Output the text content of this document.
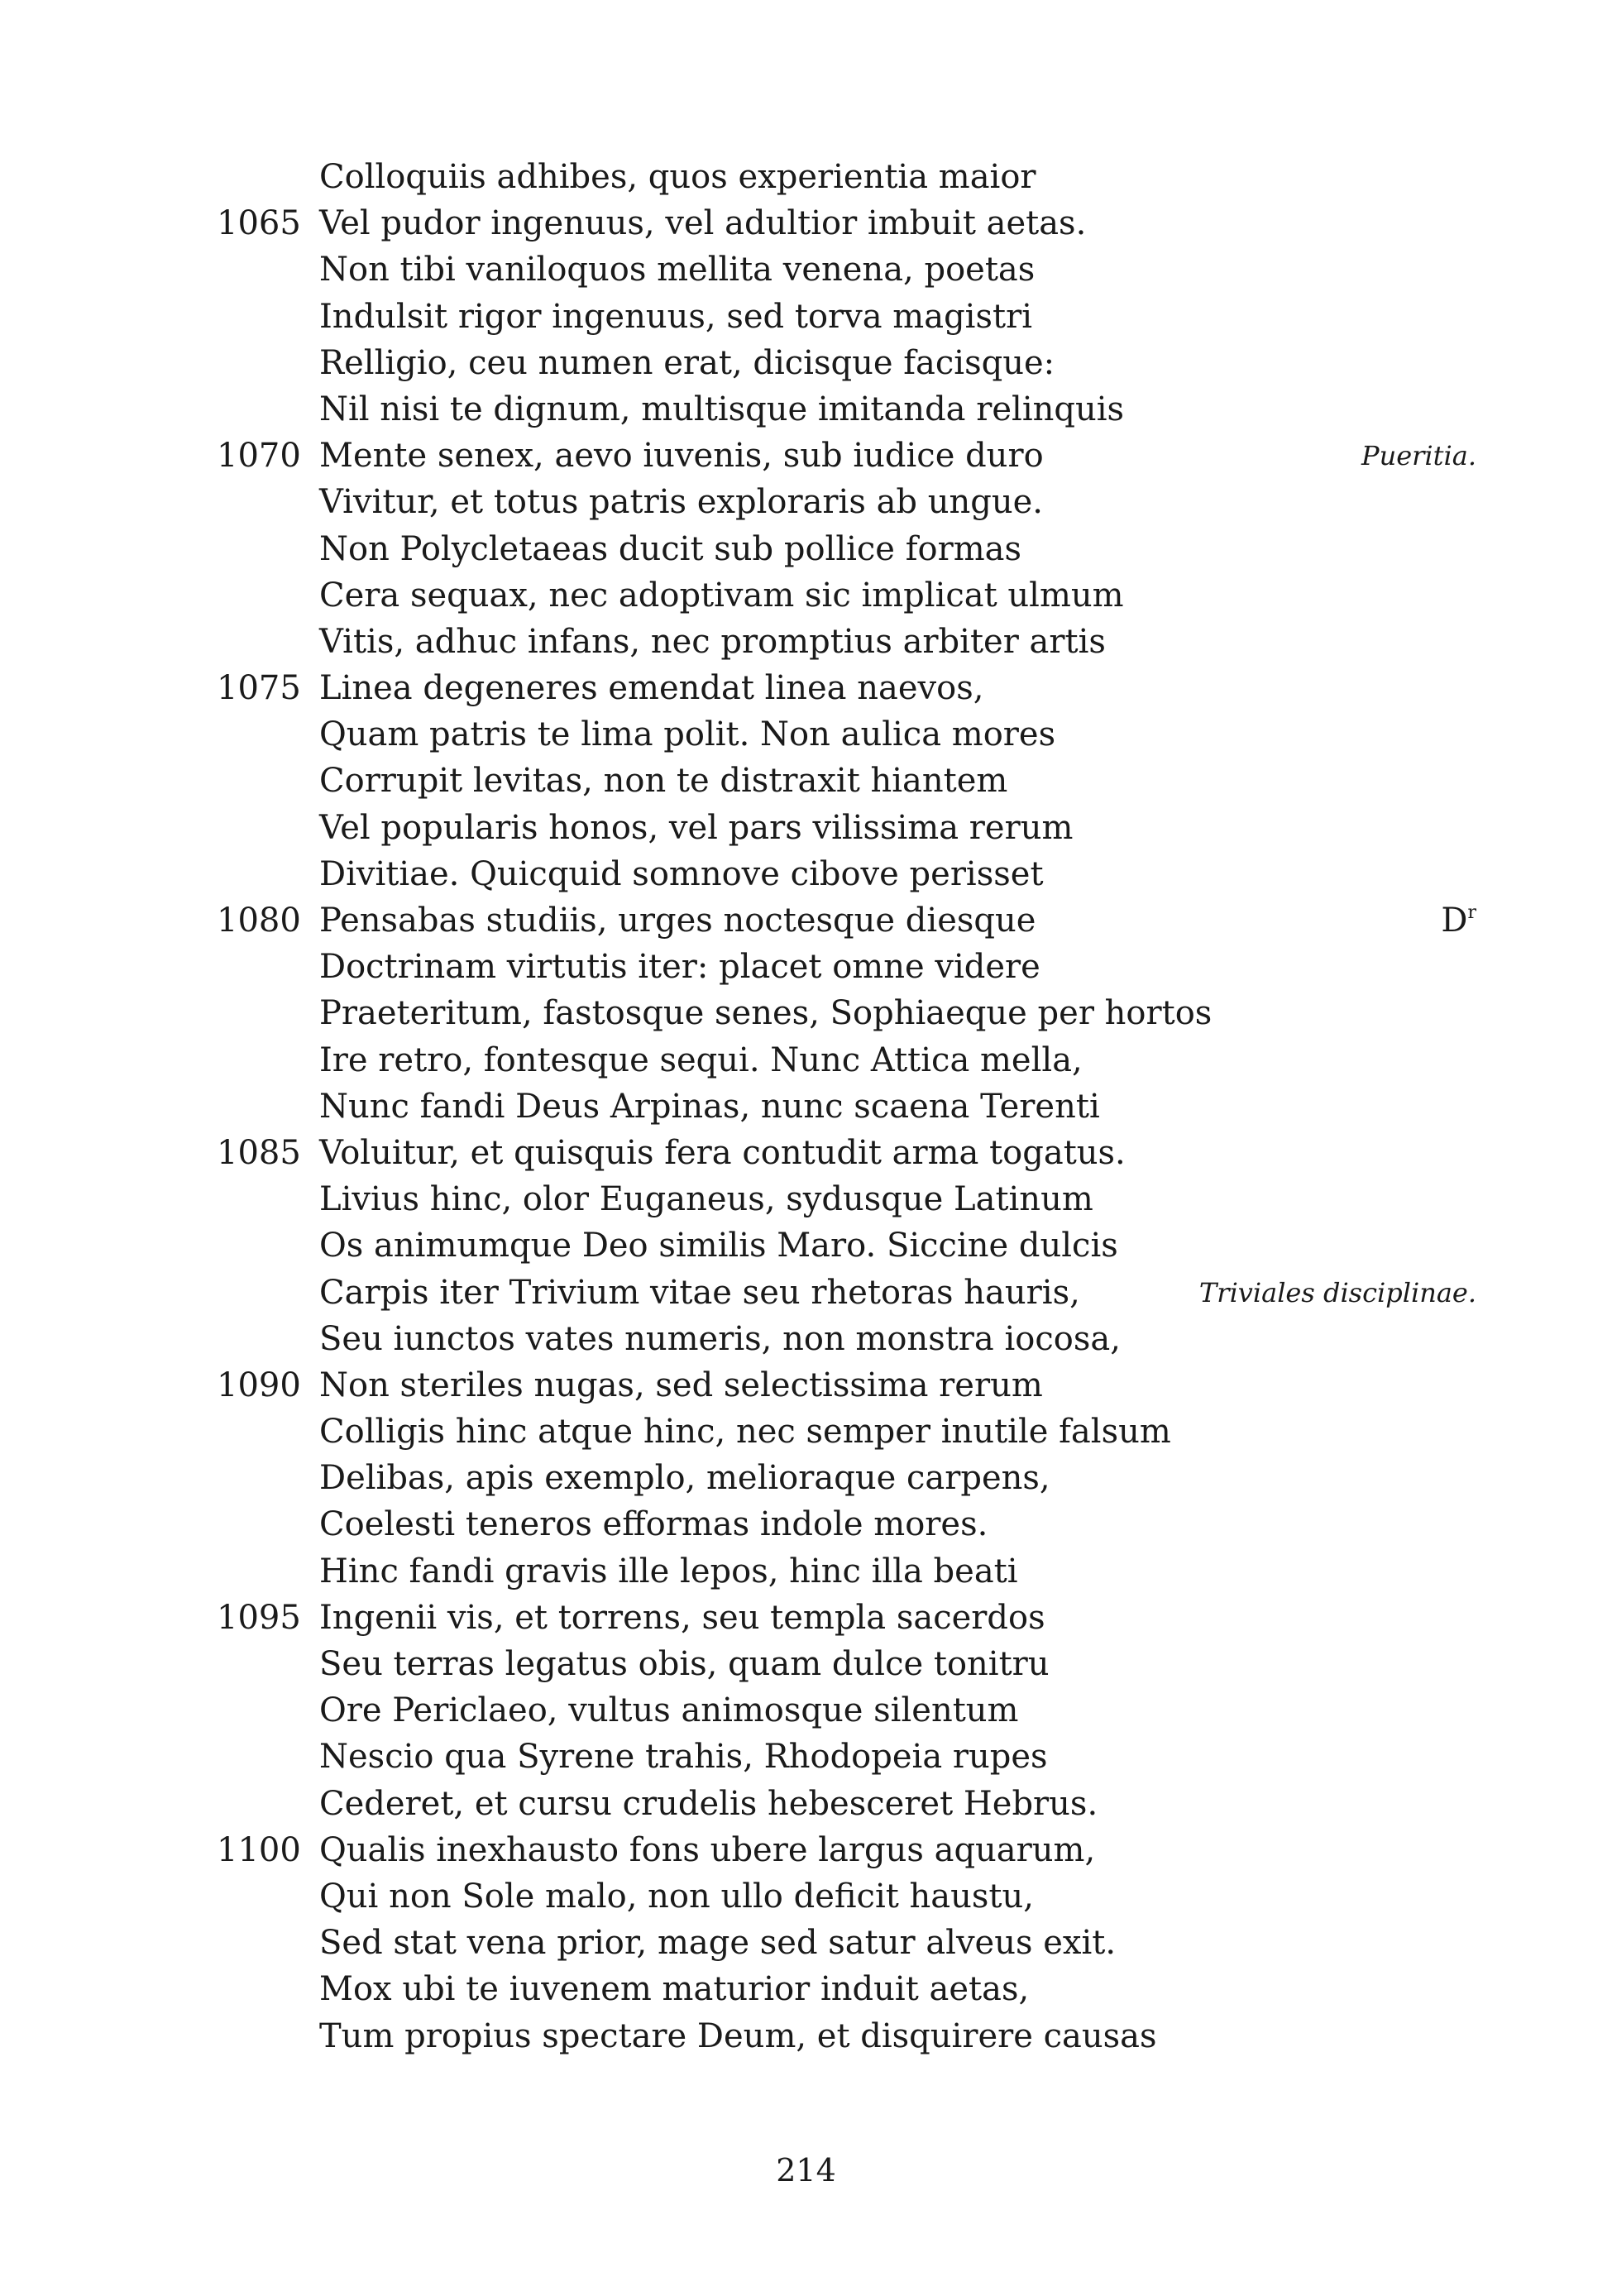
Colloquiis adhibes, quos experientia maior
1065 Vel pudor ingenuus, vel adultior imbuit aetas.
Non tibi vaniloquos mellita venena, poetas
Indulsit rigor ingenuus, sed torva magistri
Relligio, ceu numen erat, dicisque facisque:
Nil nisi te dignum, multisque imitanda relinquis
1070 Mente senex, aevo iuvenis, sub iudice duro	Pueritia.
Vivitur, et totus patris exploraris ab ungue.
Non Polycletaeas ducit sub pollice formas
Cera sequax, nec adoptivam sic implicat ulmum
Vitis, adhuc infans, nec promptius arbiter artis
1075 Linea degeneres emendat linea naevos,
Quam patris te lima polit. Non aulica mores
Corrupit levitas, non te distraxit hiantem
Vel popularis honos, vel pars vilissima rerum
Divitiae. Quicquid somnove cibove perisset
1080 Pensabas studiis, urges noctesque diesque	$D^r$
Doctrinam virtutis iter: placet omne videre
Praeteritum, fastosque senes, Sophiaeque per hortos
Ire retro, fontesque sequi. Nunc Attica mella,
Nunc fandi Deus Arpinas, nunc scaena Terenti
1085 Voluitur, et quisquis fera contudit arma togatus.
Livius hinc, olor Euganeus, sydusque Latinum
Os animumque Deo similis Maro. Siccine dulcis
Carpis iter Trivium vitae seu rhetoras hauris,	Triviales disciplinae.
Seu iunctos vates numeris, non monstra iocosa,
1090 Non steriles nugas, sed selectissima rerum
Colligis hinc atque hinc, nec semper inutile falsum
Delibas, apis exemplo, melioraque carpens,
Coelesti teneros efformas indole mores.
Hinc fandi gravis ille lepos, hinc illa beati
1095 Ingenii vis, et torrens, seu templa sacerdos
Seu terras legatus obis, quam dulce tonitru
Ore Periclaeo, vultus animosque silentum
Nescio qua Syrene trahis, Rhodopeia rupes
Cederet, et cursu crudelis hebesceret Hebrus.
1100 Qualis inexhausto fons ubere largus aquarum,
Qui non Sole malo, non ullo deficit haustu,
Sed stat vena prior, mage sed satur alveus exit.
Mox ubi te iuvenem maturior induit aetas,
Tum propius spectare Deum, et disquirere causas
214
